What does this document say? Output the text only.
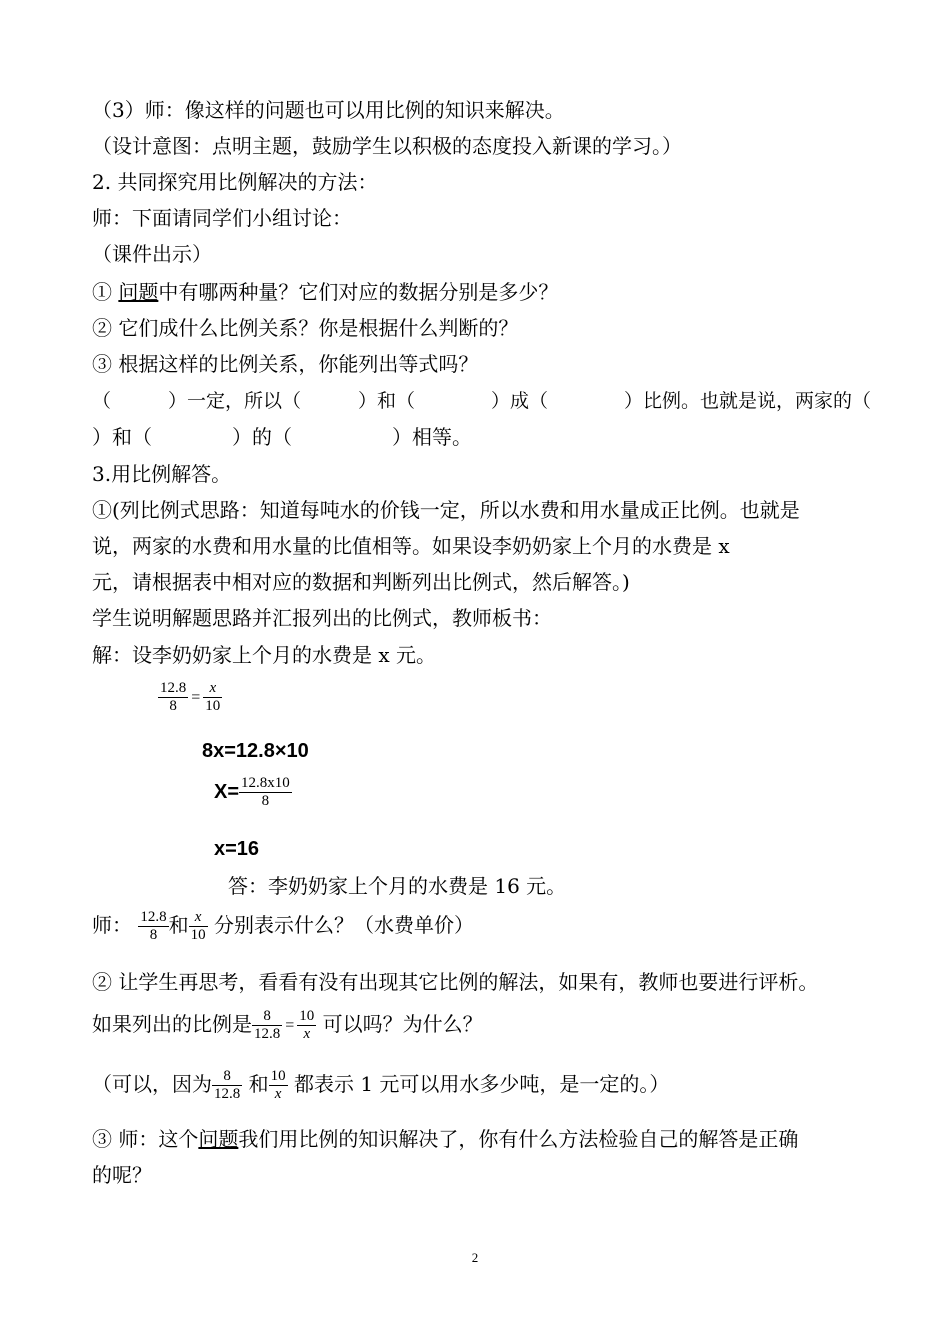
（3）师：像这样的问题也可以用比例的知识来解决。
（设计意图：点明主题，鼓励学生以积极的态度投入新课的学习。）
2. 共同探究用比例解决的方法：
师：下面请同学们小组讨论：
（课件出示）
① 问题中有哪两种量？它们对应的数据分别是多少？
② 它们成什么比例关系？你是根据什么判断的？
③ 根据这样的比例关系，你能列出等式吗？
（　　　）一定，所以（　　　）和（　　　　）成（　　　　）比例。也就是说，两家的（
）和（　　　　）的（　　　　　）相等。
3.用比例解答。
①(列比例式思路：知道每吨水的价钱一定，所以水费和用水量成正比例。也就是
说，两家的水费和用水量的比值相等。如果设李奶奶家上个月的水费是 x
元，请根据表中相对应的数据和判断列出比例式，然后解答。)
学生说明解题思路并汇报列出的比例式，教师板书：
解：设李奶奶家上个月的水费是 x 元。
$\frac{12.8}{8} = \frac{x}{10}$
8x=12.8×10
$X= \frac{12.8x10}{8}$
x=16
答：李奶奶家上个月的水费是 16 元。
师： $\frac{12.8}{8}$ 和 $\frac{x}{10}$ 分别表示什么？（水费单价）
② 让学生再思考，看看有没有出现其它比例的解法，如果有，教师也要进行评析。
如果列出的比例是 $\frac{8}{12.8} = \frac{10}{x}$ 可以吗？为什么？
（可以，因为 $\frac{8}{12.8}$ 和 $\frac{10}{x}$ 都表示 1 元可以用水多少吨，是一定的。）
③ 师：这个问题我们用比例的知识解决了，你有什么方法检验自己的解答是正确
的呢？
2
